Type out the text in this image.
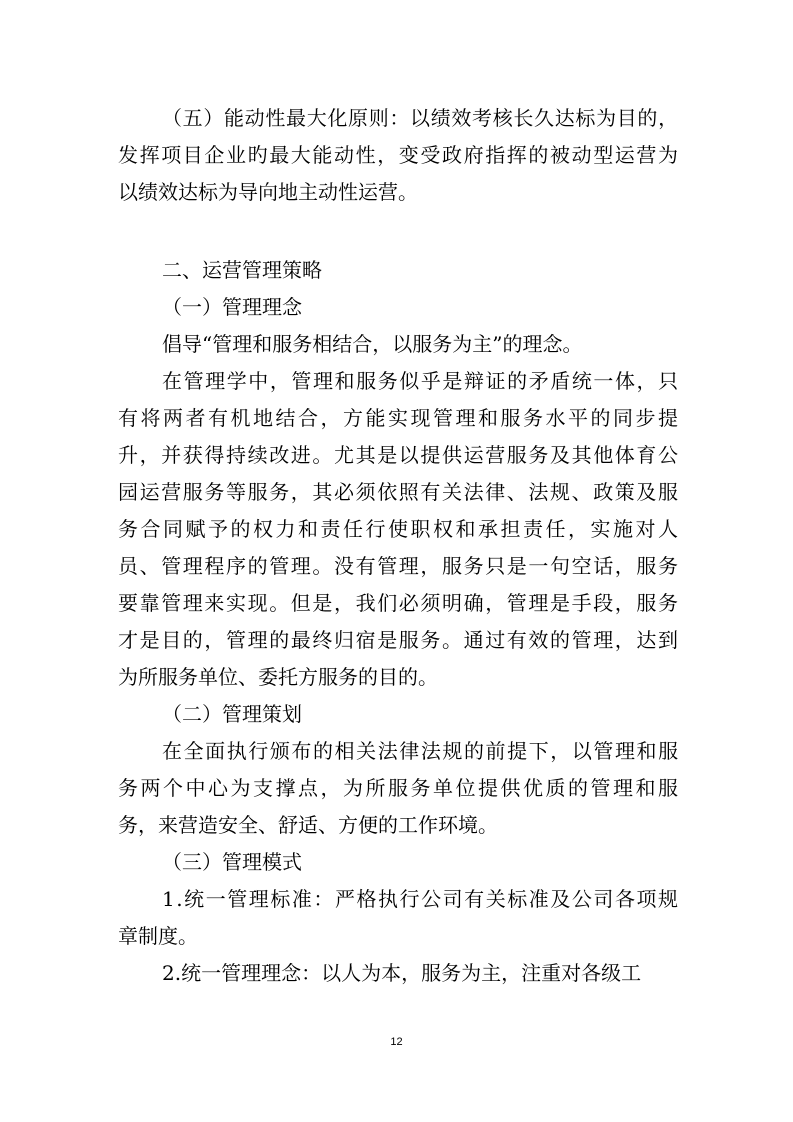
（五）能动性最大化原则：以绩效考核长久达标为目的，
发挥项目企业旳最大能动性，变受政府指挥的被动型运营为
以绩效达标为导向地主动性运营。
二、运营管理策略
（一）管理理念
倡导“管理和服务相结合，以服务为主”的理念。
在管理学中，管理和服务似乎是辩证的矛盾统一体，只
有将两者有机地结合，方能实现管理和服务水平的同步提
升，并获得持续改进。尤其是以提供运营服务及其他体育公
园运营服务等服务，其必须依照有关法律、法规、政策及服
务合同赋予的权力和责任行使职权和承担责任，实施对人
员、管理程序的管理。没有管理，服务只是一句空话，服务
要靠管理来实现。但是，我们必须明确，管理是手段，服务
才是目的，管理的最终归宿是服务。通过有效的管理，达到
为所服务单位、委托方服务的目的。
（二）管理策划
在全面执行颁布的相关法律法规的前提下，以管理和服
务两个中心为支撑点，为所服务单位提供优质的管理和服
务，来营造安全、舒适、方便的工作环境。
（三）管理模式
1.统一管理标准：严格执行公司有关标准及公司各项规
章制度。
2.统一管理理念：以人为本，服务为主，注重对各级工
12
